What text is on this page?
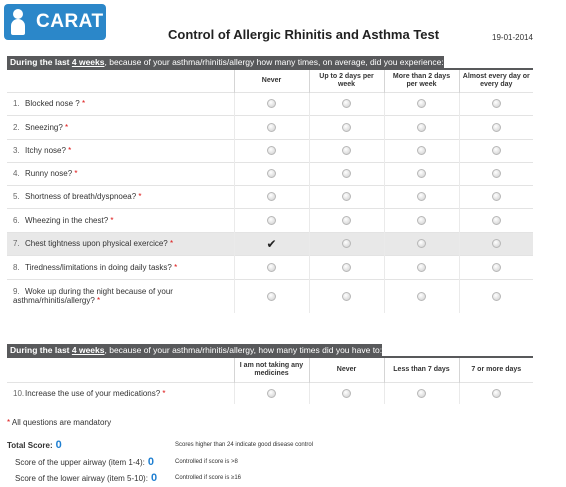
CARAT
Control of Allergic Rhinitis and Asthma Test	19-01-2014
During the last 4 weeks, because of your asthma/rhinitis/allergy how many times, on average, did you experience:
	Never	Up to 2 days per week	More than 2 days per week	Almost every day or every day
1. Blocked nose ? *				
2. Sneezing? *				
3. Itchy nose? *				
4. Runny nose? *				
5. Shortness of breath/dyspnoea? *				
6. Wheezing in the chest? *				
7. Chest tightness upon physical exercice? *	✔			
8. Tiredness/limitations in doing daily tasks? *				
9. Woke up during the night because of your asthma/rhinitis/allergy? *				
During the last 4 weeks, because of your asthma/rhinitis/allergy, how many times did you have to:
	I am not taking any medicines	Never	Less than 7 days	7 or more days
10.Increase the use of your medications? *				
* All questions are mandatory
Total Score: 0	Scores higher than 24 indicate good disease control
Score of the upper airway (item 1-4): 0	Controlled if score is >8
Score of the lower airway (item 5-10): 0	Controlled if score is ≥16
